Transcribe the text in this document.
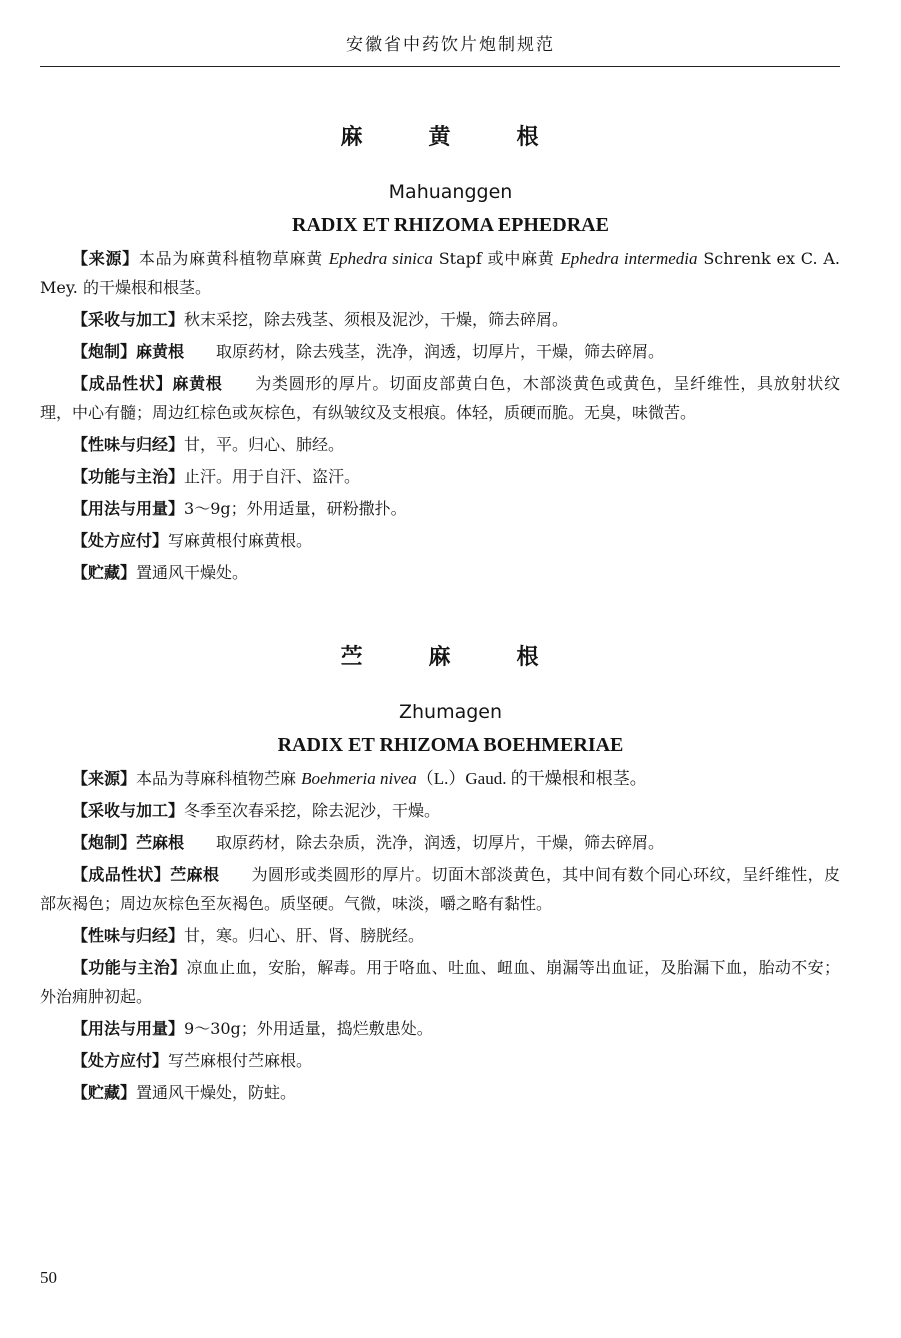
安徽省中药饮片炮制规范
麻　黄　根
Mahuanggen
RADIX ET RHIZOMA EPHEDRAE

【来源】本品为麻黄科植物草麻黄 Ephedra sinica Stapf 或中麻黄 Ephedra intermedia Schrenk ex C. A. Mey. 的干燥根和根茎。

【采收与加工】秋末采挖，除去残茎、须根及泥沙，干燥，筛去碎屑。

【炮制】麻黄根 取原药材，除去残茎，洗净，润透，切厚片，干燥，筛去碎屑。

【成品性状】麻黄根 为类圆形的厚片。切面皮部黄白色，木部淡黄色或黄色，呈纤维性，具放射状纹理，中心有髓；周边红棕色或灰棕色，有纵皱纹及支根痕。体轻，质硬而脆。无臭，味微苦。

【性味与归经】甘，平。归心、肺经。

【功能与主治】止汗。用于自汗、盗汗。

【用法与用量】3～9g；外用适量，研粉撒扑。

【处方应付】写麻黄根付麻黄根。

【贮藏】置通风干燥处。

苎　麻　根
Zhumagen
RADIX ET RHIZOMA BOEHMERIAE

【来源】本品为荨麻科植物苎麻 Boehmeria nivea（L.）Gaud. 的干燥根和根茎。

【采收与加工】冬季至次春采挖，除去泥沙，干燥。

【炮制】苎麻根 取原药材，除去杂质，洗净，润透，切厚片，干燥，筛去碎屑。

【成品性状】苎麻根 为圆形或类圆形的厚片。切面木部淡黄色，其中间有数个同心环纹，呈纤维性，皮部灰褐色；周边灰棕色至灰褐色。质坚硬。气微，味淡，嚼之略有黏性。

【性味与归经】甘，寒。归心、肝、肾、膀胱经。

【功能与主治】凉血止血，安胎，解毒。用于咯血、吐血、衄血、崩漏等出血证，及胎漏下血，胎动不安；外治痈肿初起。

【用法与用量】9～30g；外用适量，捣烂敷患处。

【处方应付】写苎麻根付苎麻根。

【贮藏】置通风干燥处，防蛀。

50
